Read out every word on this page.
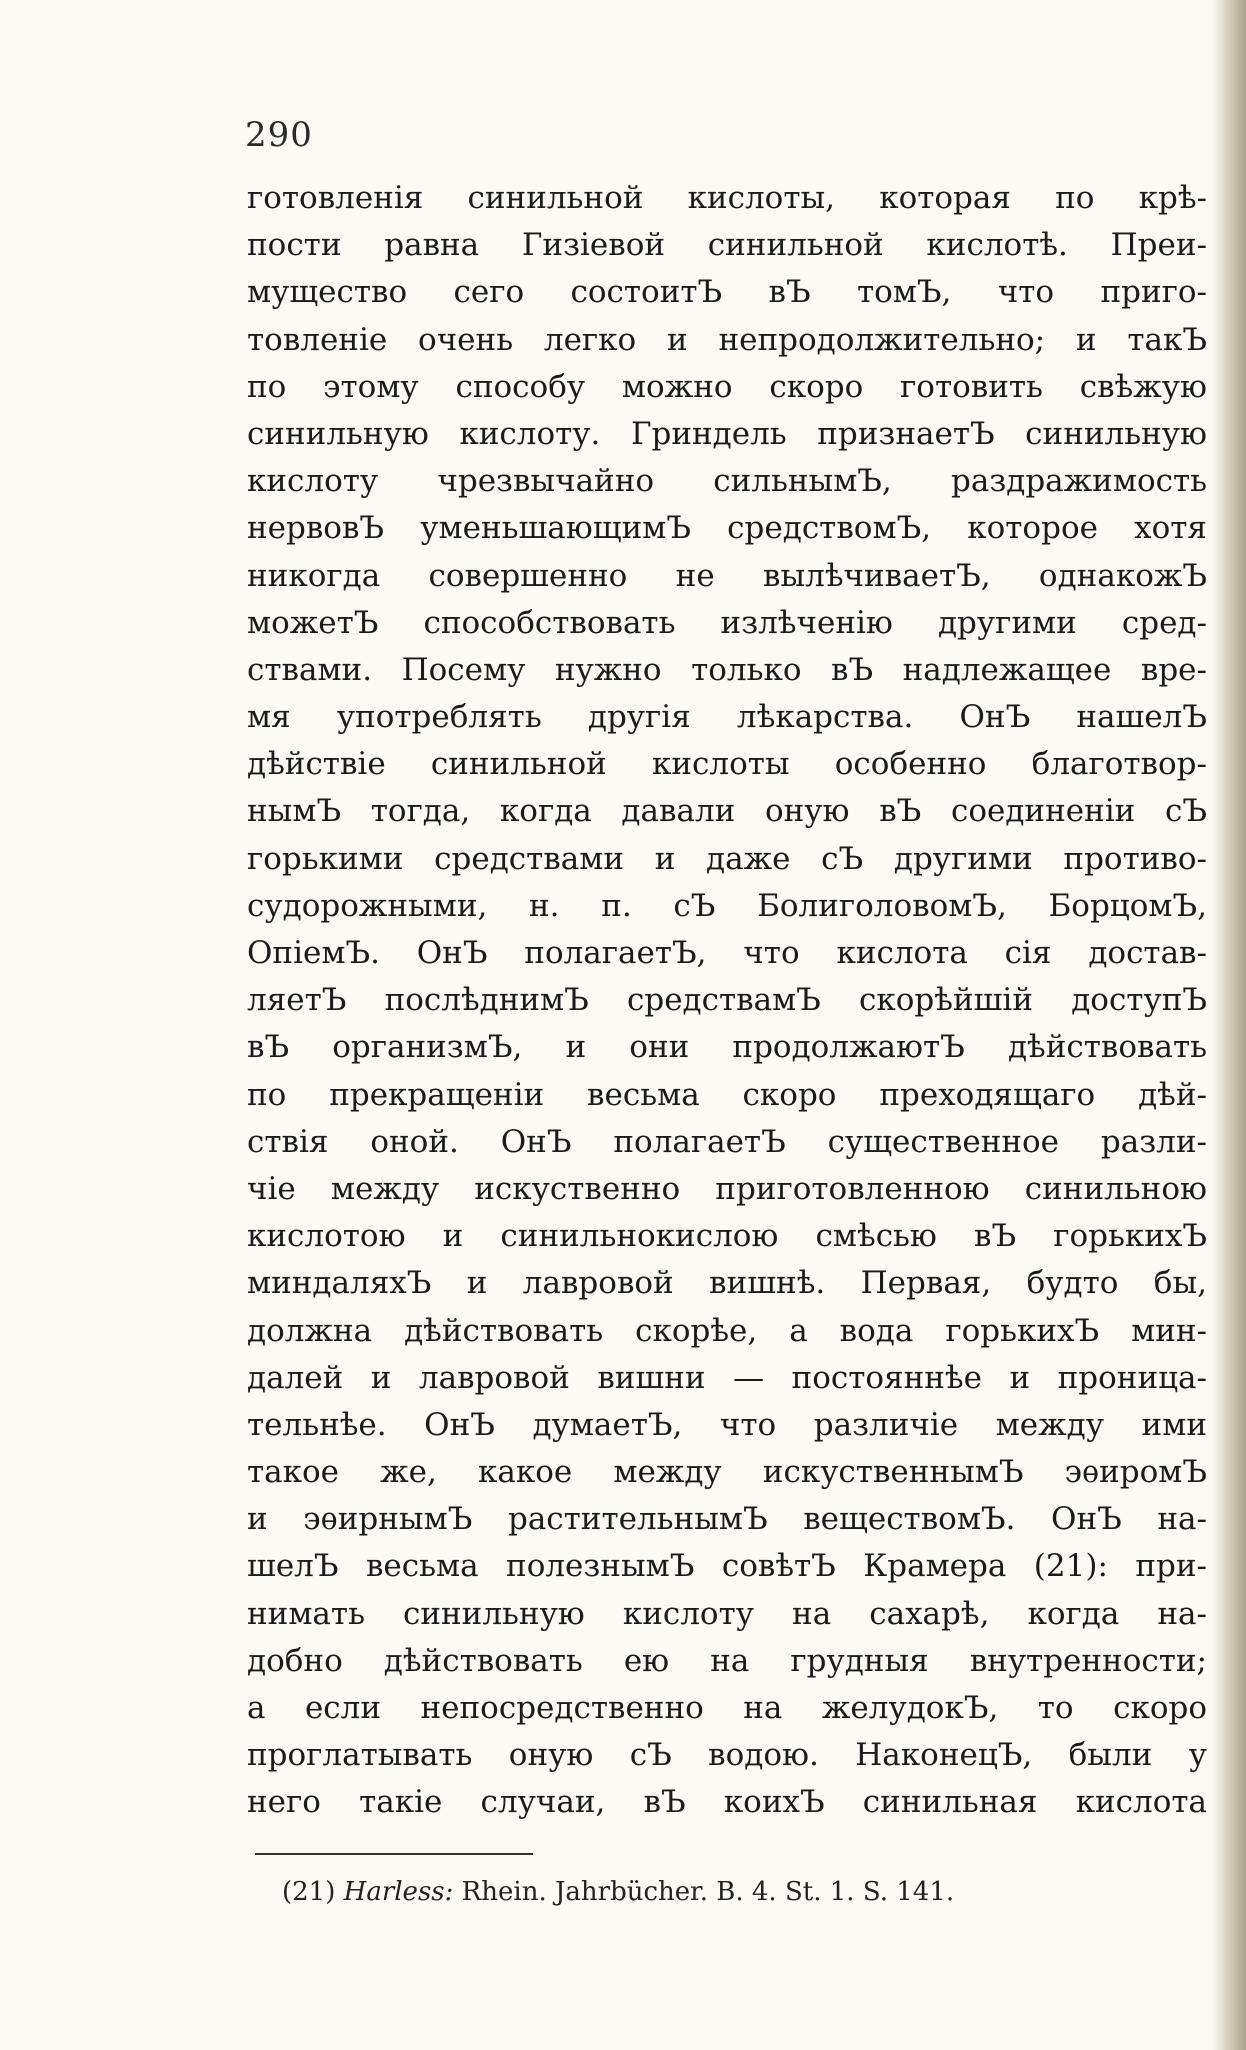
290
готовленія синильной кислоты, которая по крѣ-
пости равна Гизіевой синильной кислотѣ. Преи-
мущество сего состоитЪ вЪ томЪ, что приго-
товленіе очень легко и непродолжительно; и такЪ
по этому способу можно скоро готовить свѣжую
синильную кислоту. Гриндель признаетЪ синильную
кислоту чрезвычайно сильнымЪ, раздражимость
нервовЪ уменьшающимЪ средствомЪ, которое хотя
никогда совершенно не вылѣчиваетЪ, однакожЪ
можетЪ способствовать излѣченію другими сред-
ствами. Посему нужно только вЪ надлежащее вре-
мя употреблять другія лѣкарства. ОнЪ нашелЪ
дѣйствіе синильной кислоты особенно благотвор-
нымЪ тогда, когда давали оную вЪ соединеніи сЪ
горькими средствами и даже сЪ другими противо-
судорожными, н. п. сЪ БолиголовомЪ, БорцомЪ,
ОпіемЪ. ОнЪ полагаетЪ, что кислота сія достав-
ляетЪ послѣднимЪ средствамЪ скорѣйшій доступЪ
вЪ организмЪ, и они продолжаютЪ дѣйствовать
по прекращеніи весьма скоро преходящаго дѣй-
ствія оной. ОнЪ полагаетЪ существенное разли-
чіе между искуственно приготовленною синильною
кислотою и синильнокислою смѣсью вЪ горькихЪ
миндаляхЪ и лавровой вишнѣ. Первая, будто бы,
должна дѣйствовать скорѣе, а вода горькихЪ мин-
далей и лавровой вишни — постояннѣе и проница-
тельнѣе. ОнЪ думаетЪ, что различіе между ими
такое же, какое между искуственнымЪ эѳиромЪ
и эѳирнымЪ растительнымЪ веществомЪ. ОнЪ на-
шелЪ весьма полезнымЪ совѣтЪ Крамера (21): при-
нимать синильную кислоту на сахарѣ, когда на-
добно дѣйствовать ею на грудныя внутренности;
а если непосредственно на желудокЪ, то скоро
проглатывать оную сЪ водою. НаконецЪ, были у
него такіе случаи, вЪ коихЪ синильная кислота
(21) Harless: Rhein. Jahrbücher. B. 4. St. 1. S. 141.
